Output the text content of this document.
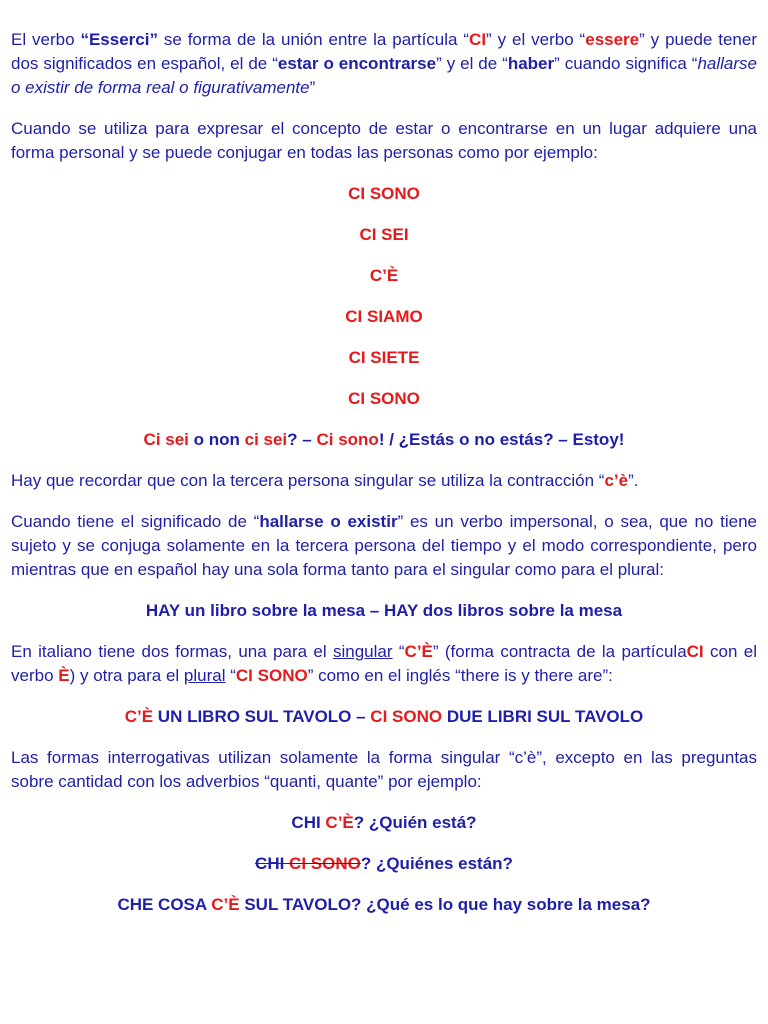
El verbo “Esserci” se forma de la unión entre la partícula “CI” y el verbo “essere” y puede tener dos significados en español, el de “estar o encontrarse” y el de “haber” cuando significa “hallarse o existir de forma real o figurativamente”

Cuando se utiliza para expresar el concepto de estar o encontrarse en un lugar adquiere una forma personal y se puede conjugar en todas las personas como por ejemplo:

CI SONO

CI SEI

C’È

CI SIAMO

CI SIETE

CI SONO

Ci sei o non ci sei? – Ci sono! / ¿Estás o no estás? – Estoy!

Hay que recordar que con la tercera persona singular se utiliza la contracción “c’è”.

Cuando tiene el significado de “hallarse o existir” es un verbo impersonal, o sea, que no tiene sujeto y se conjuga solamente en la tercera persona del tiempo y el modo correspondiente, pero mientras que en español hay una sola forma tanto para el singular como para el plural:

HAY un libro sobre la mesa – HAY dos libros sobre la mesa

En italiano tiene dos formas, una para el singular “C’È” (forma contracta de la partículaCI con el verbo È) y otra para el plural “CI SONO” como en el inglés “there is y there are”:

C’È UN LIBRO SUL TAVOLO – CI SONO DUE LIBRI SUL TAVOLO

Las formas interrogativas utilizan solamente la forma singular “c’è”, excepto en las preguntas sobre cantidad con los adverbios “quanti, quante” por ejemplo:

CHI C’È? ¿Quién está?

CHI CI SONO? ¿Quiénes están?

CHE COSA C’È SUL TAVOLO? ¿Qué es lo que hay sobre la mesa?
